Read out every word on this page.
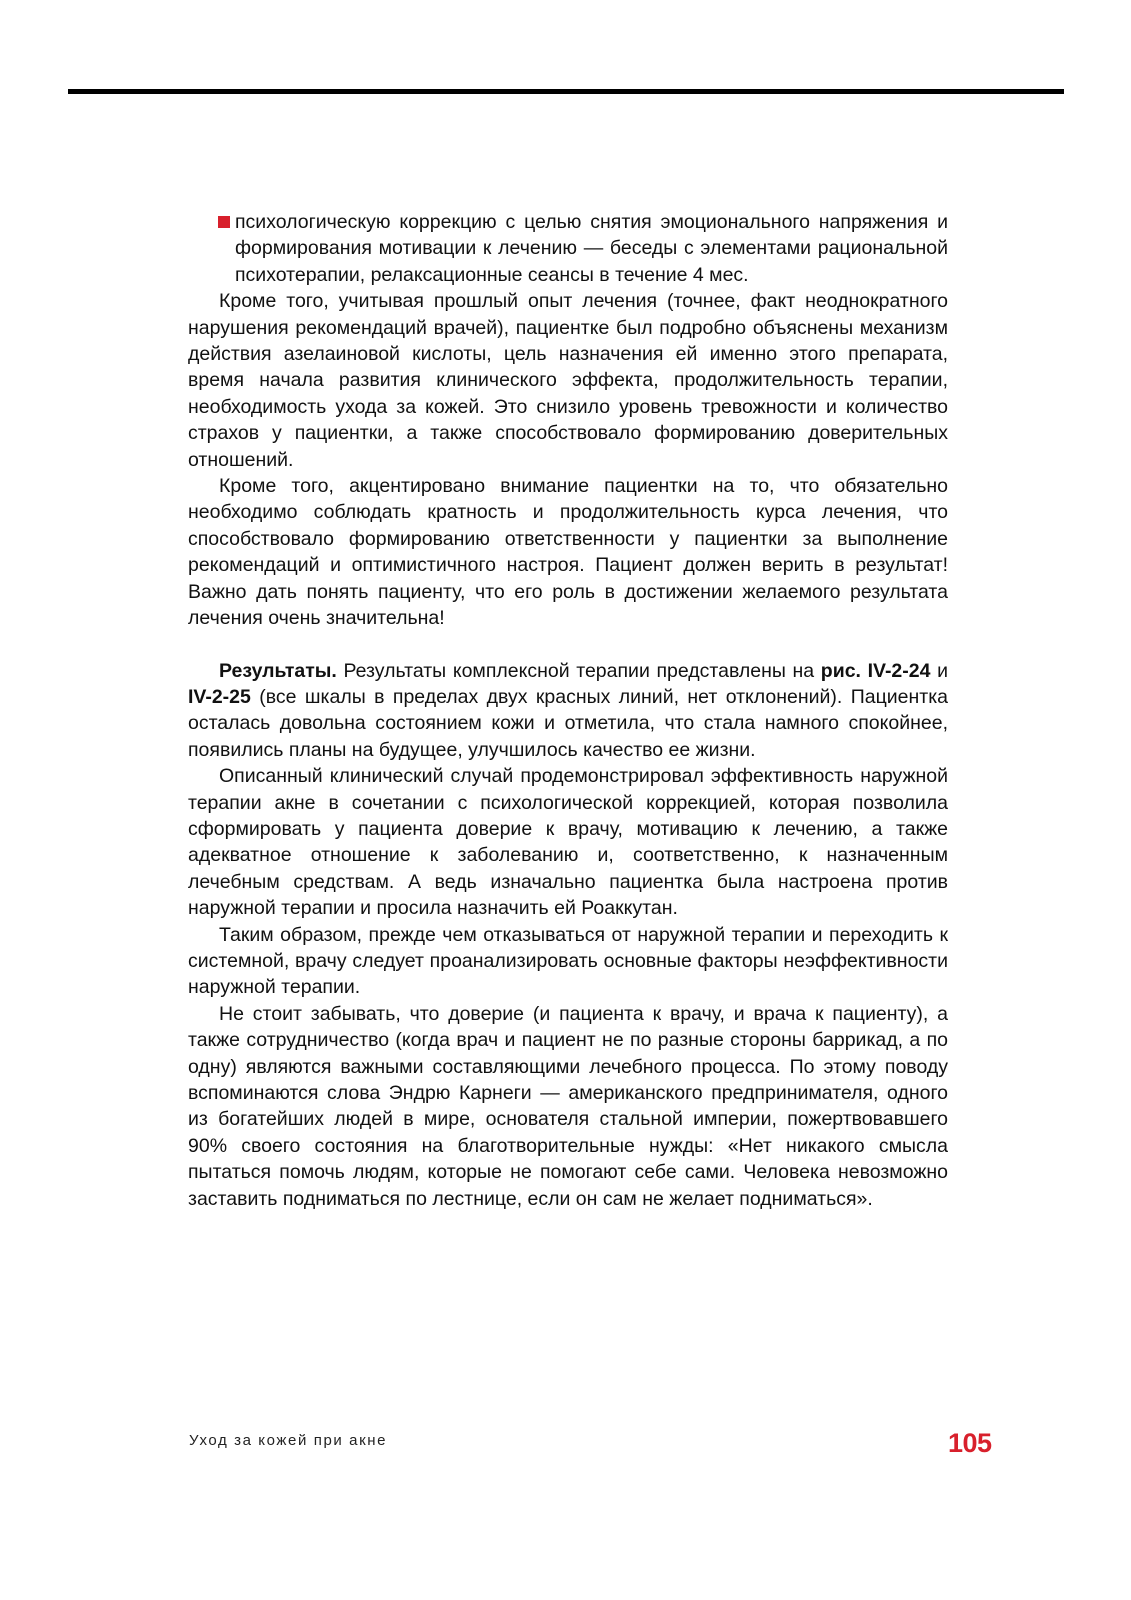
психологическую коррекцию с целью снятия эмоционального напряжения и формирования мотивации к лечению — беседы с элементами рациональной психотерапии, релаксационные сеансы в течение 4 мес.

Кроме того, учитывая прошлый опыт лечения (точнее, факт неоднократного нарушения рекомендаций врачей), пациентке был подробно объяснены механизм действия азелаиновой кислоты, цель назначения ей именно этого препарата, время начала развития клинического эффекта, продолжительность терапии, необходимость ухода за кожей. Это снизило уровень тревожности и количество страхов у пациентки, а также способствовало формированию доверительных отношений.

Кроме того, акцентировано внимание пациентки на то, что обязательно необходимо соблюдать кратность и продолжительность курса лечения, что способствовало формированию ответственности у пациентки за выполнение рекомендаций и оптимистичного настроя. Пациент должен верить в результат! Важно дать понять пациенту, что его роль в достижении желаемого результата лечения очень значительна!

Результаты. Результаты комплексной терапии представлены на рис. IV-2-24 и IV-2-25 (все шкалы в пределах двух красных линий, нет отклонений). Пациентка осталась довольна состоянием кожи и отметила, что стала намного спокойнее, появились планы на будущее, улучшилось качество ее жизни.

Описанный клинический случай продемонстрировал эффективность наружной терапии акне в сочетании с психологической коррекцией, которая позволила сформировать у пациента доверие к врачу, мотивацию к лечению, а также адекватное отношение к заболеванию и, соответственно, к назначенным лечебным средствам. А ведь изначально пациентка была настроена против наружной терапии и просила назначить ей Роаккутан.

Таким образом, прежде чем отказываться от наружной терапии и переходить к системной, врачу следует проанализировать основные факторы неэффективности наружной терапии.

Не стоит забывать, что доверие (и пациента к врачу, и врача к пациенту), а также сотрудничество (когда врач и пациент не по разные стороны баррикад, а по одну) являются важными составляющими лечебного процесса. По этому поводу вспоминаются слова Эндрю Карнеги — американского предпринимателя, одного из богатейших людей в мире, основателя стальной империи, пожертвовавшего 90% своего состояния на благотворительные нужды: «Нет никакого смысла пытаться помочь людям, которые не помогают себе сами. Человека невозможно заставить подниматься по лестнице, если он сам не желает подниматься».

Уход за кожей при акне	105
